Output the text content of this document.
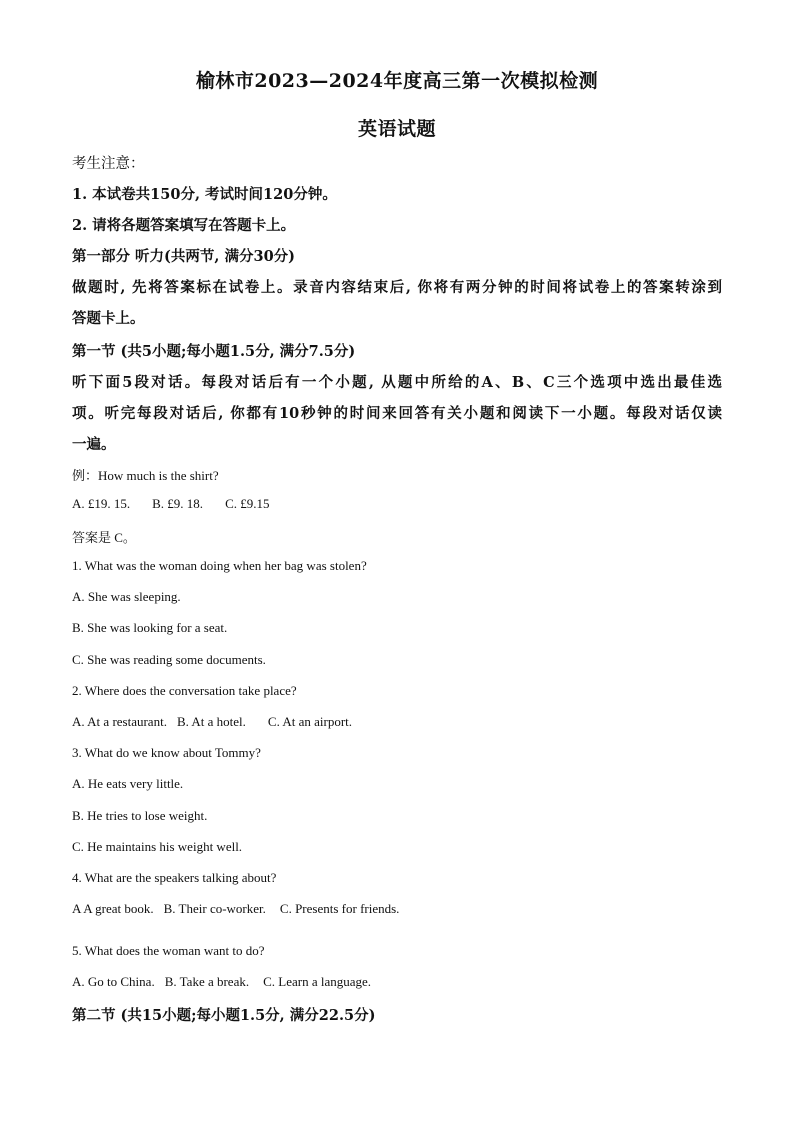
榆林市2023—2024年度高三第一次模拟检测
英语试题
考生注意：
1. 本试卷共150分, 考试时间120分钟。
2. 请将各题答案填写在答题卡上。
第一部分 听力(共两节, 满分30分)
做题时, 先将答案标在试卷上。录音内容结束后, 你将有两分钟的时间将试卷上的答案转涂到
答题卡上。
第一节 (共5小题;每小题1.5分, 满分7.5分)
听下面5段对话。每段对话后有一个小题, 从题中所给的A、B、C三个选项中选出最佳选
项。听完每段对话后, 你都有10秒钟的时间来回答有关小题和阅读下一小题。每段对话仅读
一遍。
例：How much is the shirt?
A. £19. 15. B. £9. 18. C. £9.15
答案是 C。
1. What was the woman doing when her bag was stolen?
A. She was sleeping.
B. She was looking for a seat.
C. She was reading some documents.
2. Where does the conversation take place?
A. At a restaurant. B. At a hotel. C. At an airport.
3. What do we know about Tommy?
A. He eats very little.
B. He tries to lose weight.
C. He maintains his weight well.
4. What are the speakers talking about?
A A great book. B. Their co-worker. C. Presents for friends.
5. What does the woman want to do?
A. Go to China. B. Take a break. C. Learn a language.
第二节 (共15小题;每小题1.5分, 满分22.5分)
